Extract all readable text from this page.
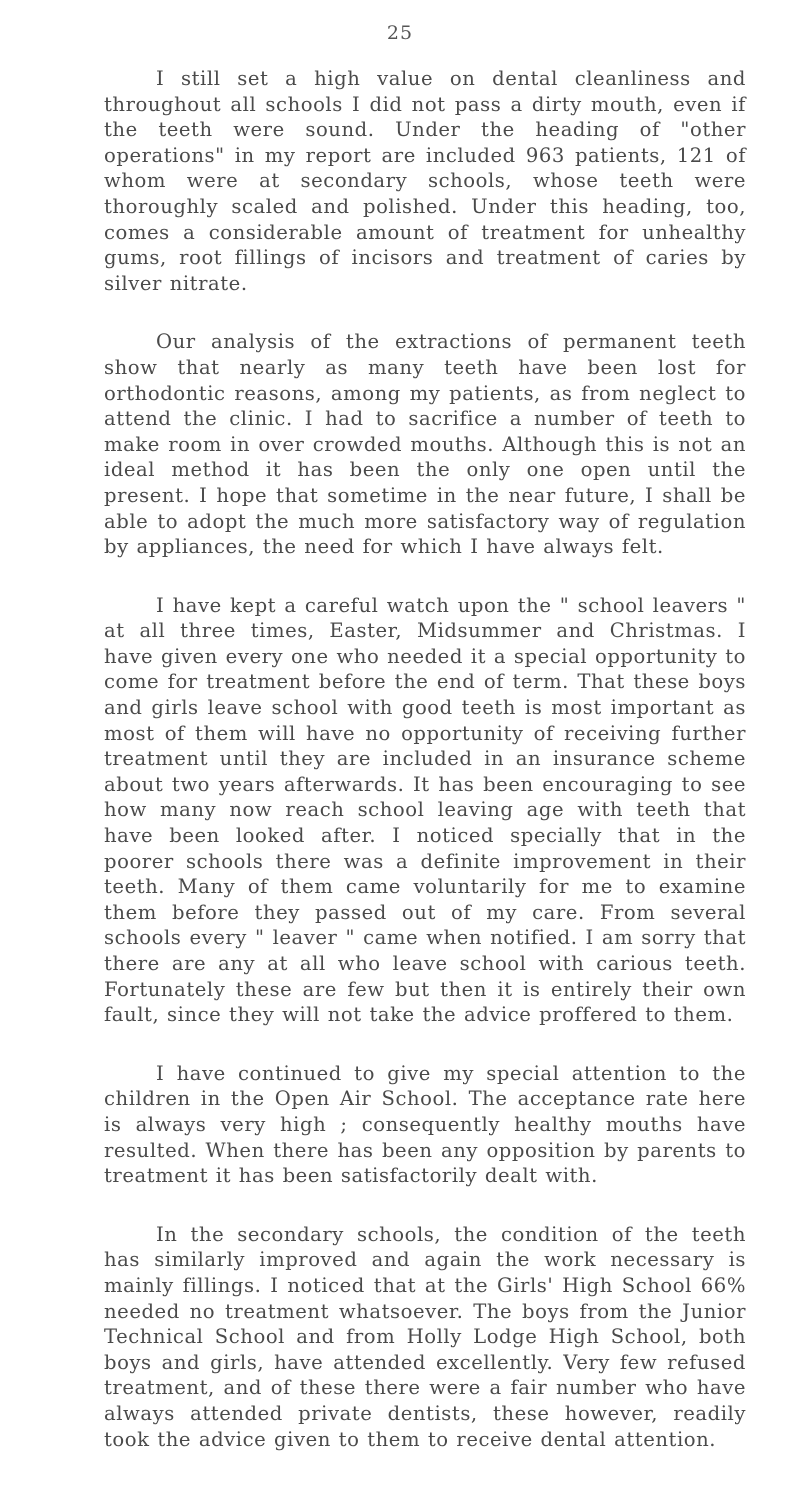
25

I still set a high value on dental cleanliness and throughout all schools I did not pass a dirty mouth, even if the teeth were sound. Under the heading of "other operations" in my report are included 963 patients, 121 of whom were at secondary schools, whose teeth were thoroughly scaled and polished. Under this heading, too, comes a considerable amount of treatment for unhealthy gums, root fillings of incisors and treatment of caries by silver nitrate.

Our analysis of the extractions of permanent teeth show that nearly as many teeth have been lost for orthodontic reasons, among my patients, as from neglect to attend the clinic. I had to sacrifice a number of teeth to make room in over crowded mouths. Although this is not an ideal method it has been the only one open until the present. I hope that sometime in the near future, I shall be able to adopt the much more satisfactory way of regulation by appliances, the need for which I have always felt.

I have kept a careful watch upon the " school leavers " at all three times, Easter, Midsummer and Christmas. I have given every one who needed it a special opportunity to come for treatment before the end of term. That these boys and girls leave school with good teeth is most important as most of them will have no opportunity of receiving further treatment until they are included in an insurance scheme about two years afterwards. It has been encouraging to see how many now reach school leaving age with teeth that have been looked after. I noticed specially that in the poorer schools there was a definite improvement in their teeth. Many of them came voluntarily for me to examine them before they passed out of my care. From several schools every " leaver " came when notified. I am sorry that there are any at all who leave school with carious teeth. Fortunately these are few but then it is entirely their own fault, since they will not take the advice proffered to them.

I have continued to give my special attention to the children in the Open Air School. The acceptance rate here is always very high ; consequently healthy mouths have resulted. When there has been any opposition by parents to treatment it has been satisfactorily dealt with.

In the secondary schools, the condition of the teeth has similarly improved and again the work necessary is mainly fillings. I noticed that at the Girls' High School 66% needed no treatment whatsoever. The boys from the Junior Technical School and from Holly Lodge High School, both boys and girls, have attended excellently. Very few refused treatment, and of these there were a fair number who have always attended private dentists, these however, readily took the advice given to them to receive dental attention.
